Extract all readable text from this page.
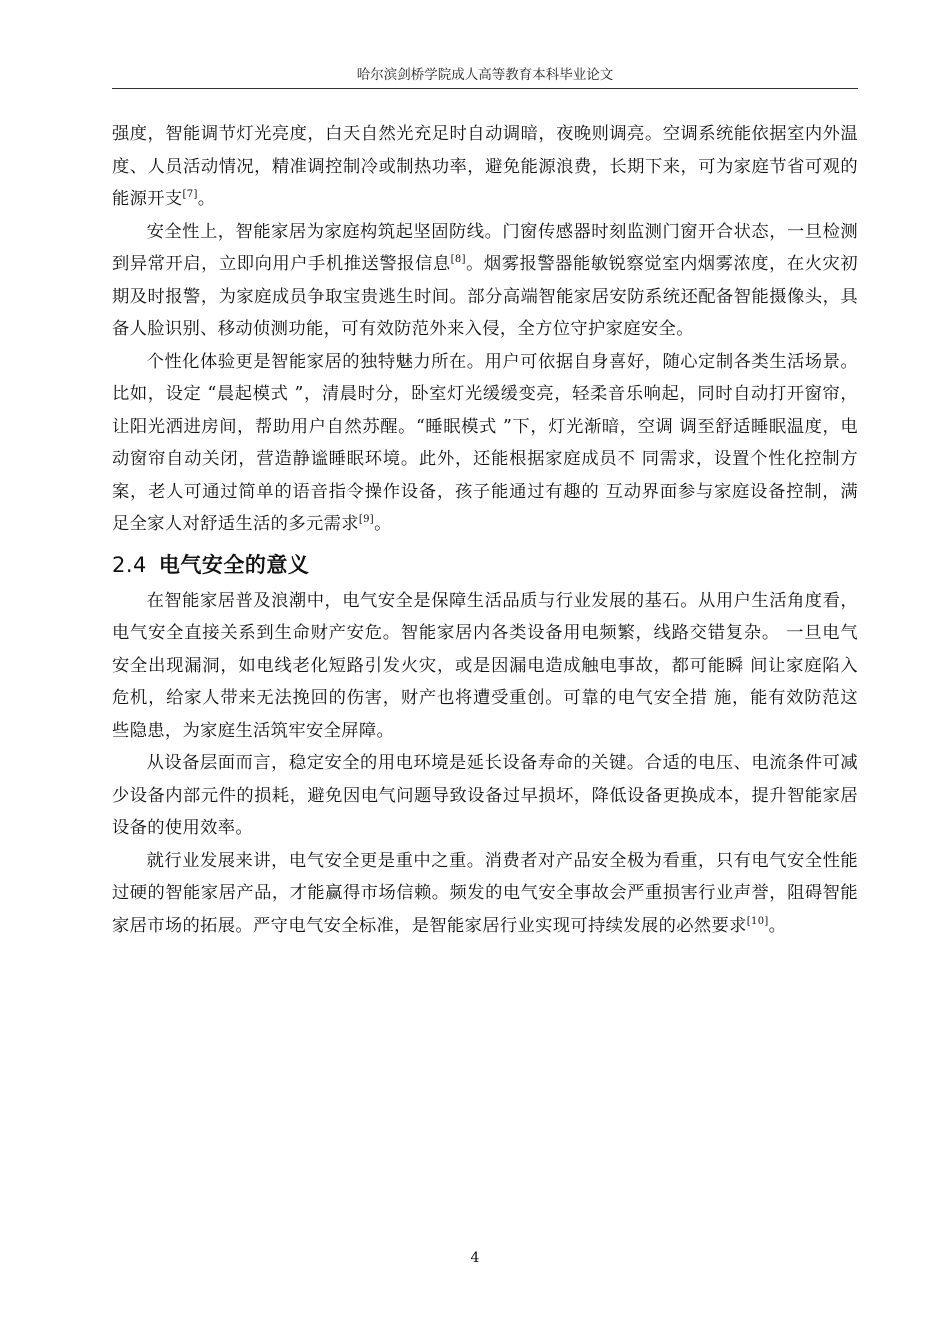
哈尔滨剑桥学院成人高等教育本科毕业论文

强度，智能调节灯光亮度，白天自然光充足时自动调暗，夜晚则调亮。空调系统能依据室内外温度、人员活动情况，精准调控制冷或制热功率，避免能源浪费，长期下来，可为家庭节省可观的能源开支[7]。

安全性上，智能家居为家庭构筑起坚固防线。门窗传感器时刻监测门窗开合状态，一旦检测到异常开启，立即向用户手机推送警报信息[8]。烟雾报警器能敏锐察觉室内烟雾浓度，在火灾初期及时报警，为家庭成员争取宝贵逃生时间。部分高端智能家居安防系统还配备智能摄像头，具备人脸识别、移动侦测功能，可有效防范外来入侵，全方位守护家庭安全。

个性化体验更是智能家居的独特魅力所在。用户可依据自身喜好，随心定制各类生活场景。比如，设定 “晨起模式 ”，清晨时分，卧室灯光缓缓变亮，轻柔音乐响起，同时自动打开窗帘，让阳光洒进房间，帮助用户自然苏醒。“睡眠模式 ”下，灯光渐暗，空调 调至舒适睡眠温度，电动窗帘自动关闭，营造静谧睡眠环境。此外，还能根据家庭成员不 同需求，设置个性化控制方案，老人可通过简单的语音指令操作设备，孩子能通过有趣的 互动界面参与家庭设备控制，满足全家人对舒适生活的多元需求[9]。

2.4 电气安全的意义

在智能家居普及浪潮中，电气安全是保障生活品质与行业发展的基石。从用户生活角度看，电气安全直接关系到生命财产安危。智能家居内各类设备用电频繁，线路交错复杂。 一旦电气安全出现漏洞，如电线老化短路引发火灾，或是因漏电造成触电事故，都可能瞬 间让家庭陷入危机，给家人带来无法挽回的伤害，财产也将遭受重创。可靠的电气安全措 施，能有效防范这些隐患，为家庭生活筑牢安全屏障。

从设备层面而言，稳定安全的用电环境是延长设备寿命的关键。合适的电压、电流条件可减少设备内部元件的损耗，避免因电气问题导致设备过早损坏，降低设备更换成本，提升智能家居设备的使用效率。

就行业发展来讲，电气安全更是重中之重。消费者对产品安全极为看重，只有电气安全性能过硬的智能家居产品，才能赢得市场信赖。频发的电气安全事故会严重损害行业声誉，阻碍智能家居市场的拓展。严守电气安全标准，是智能家居行业实现可持续发展的必然要求[10]。

4
